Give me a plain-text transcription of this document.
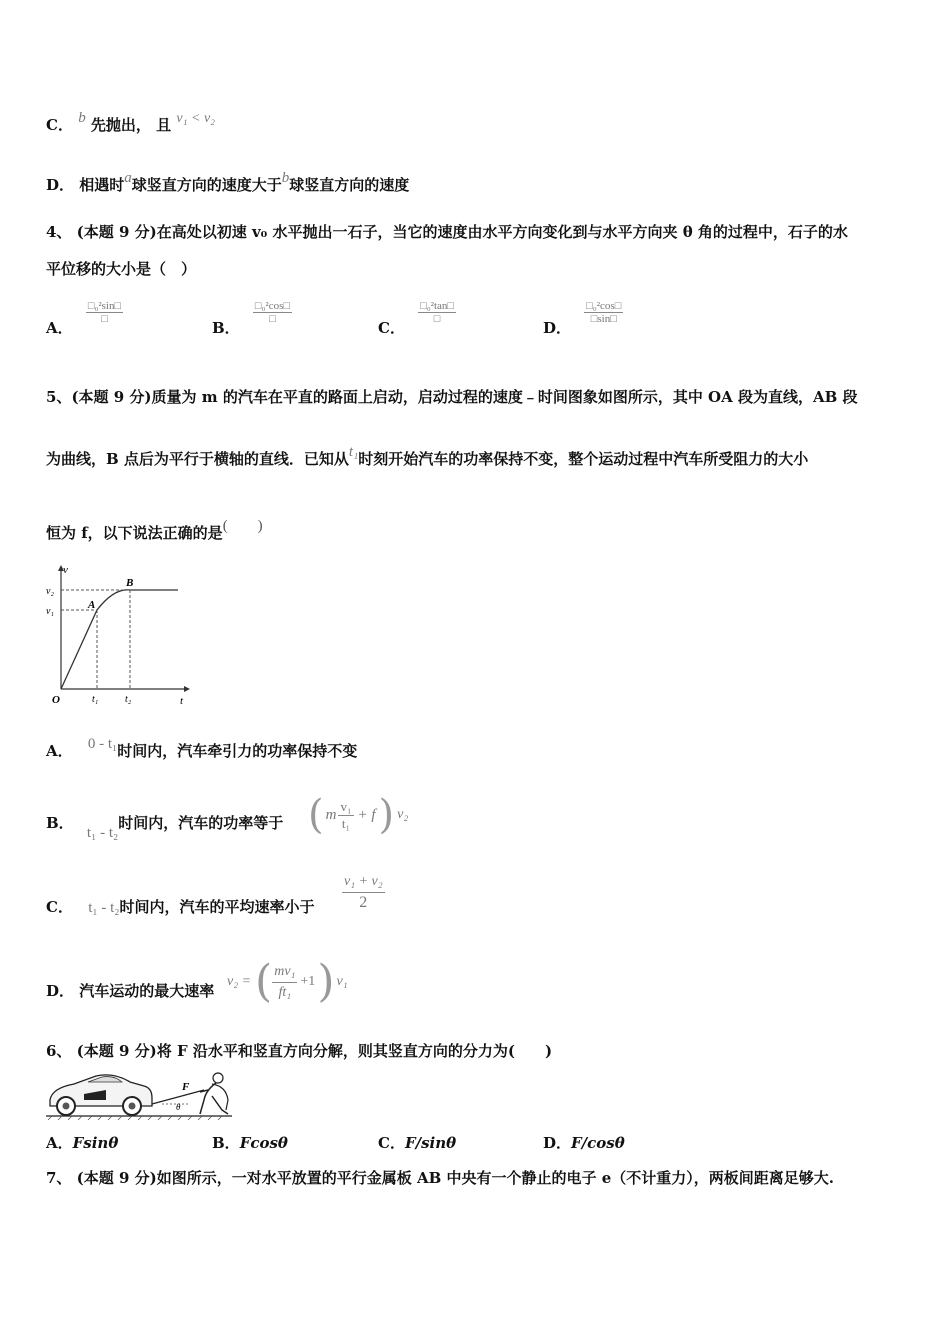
C． b 先抛出， 且 v₁ < v₂
D． 相遇时a球竖直方向的速度大于b球竖直方向的速度
4、 (本题 9 分)在高处以初速 v₀ 水平抛出一石子，当它的速度由水平方向变化到与水平方向夹 θ 角的过程中，石子的水
平位移的大小是（　）
A．
$\frac{\text{□₀²sin□}}{□}$
B．
$\frac{\text{□₀²cos□}}{□}$
C．
$\frac{\text{□₀²tan□}}{□}$
D．
$\frac{\text{□₀²cos□}}{□\sin□}$
5、(本题 9 分)质量为 m 的汽车在平直的路面上启动，启动过程的速度﹣时间图象如图所示，其中 OA 段为直线，AB 段
为曲线，B 点后为平行于横轴的直线．已知从t₁时刻开始汽车的功率保持不变，整个运动过程中汽车所受阻力的大小
恒为 f，以下说法正确的是(　　)
v
t
O
v₁
v₂
t₁	t₂
A
B
A． 0 - t₁时间内，汽车牵引力的功率保持不变
B． t₁ - t₂时间内，汽车的功率等于 ( m $\frac{\text{v₁}}{\text{t₁}} + f$ ) v₂
C． t₁ - t₂时间内，汽车的平均速率小于 $\frac{\text{v₁ + v₂}}{2}$
D． 汽车运动的最大速率
v₂ = ( $\frac{\text{mv₁}}{\text{ft₁}} +1$ ) v₁
6、 (本题 9 分)将 F 沿水平和竖直方向分解，则其竖直方向的分力为(　　)
F
θ
A．Fsinθ	B．Fcosθ	C．F/sinθ	D．F/cosθ
7、 (本题 9 分)如图所示，一对水平放置的平行金属板 AB 中央有一个静止的电子 e（不计重力），两板间距离足够大.
